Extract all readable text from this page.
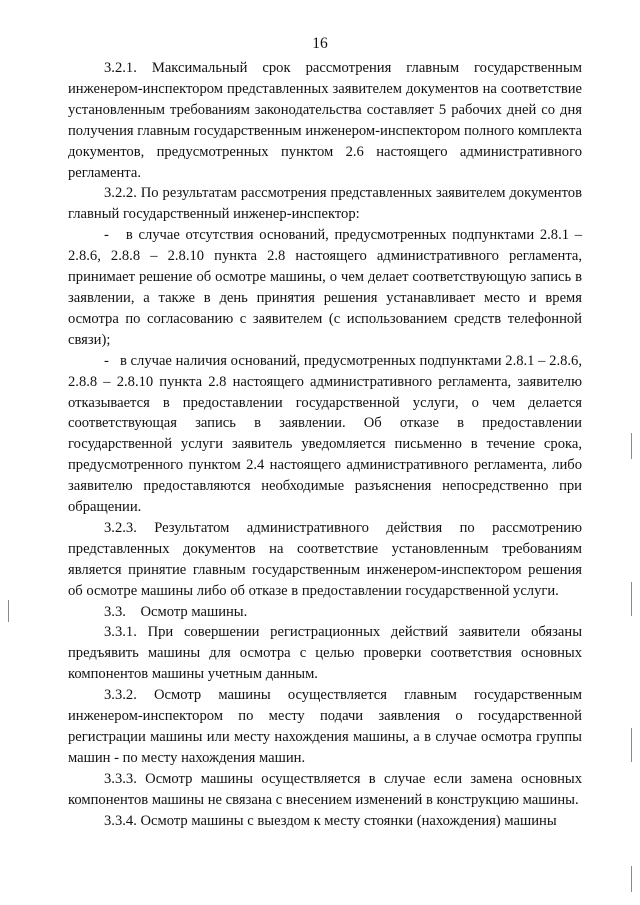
16

3.2.1. Максимальный срок рассмотрения главным государственным инженером-инспектором представленных заявителем документов на соответствие установленным требованиям законодательства составляет 5 рабочих дней со дня получения главным государственным инженером-инспектором полного комплекта документов, предусмотренных пунктом 2.6 настоящего административного регламента.

3.2.2. По результатам рассмотрения представленных заявителем документов главный государственный инженер-инспектор:

-   в случае отсутствия оснований, предусмотренных подпунктами 2.8.1 – 2.8.6, 2.8.8 – 2.8.10 пункта 2.8 настоящего административного регламента, принимает решение об осмотре машины, о чем делает соответствующую запись в заявлении, а также в день принятия решения устанавливает место и время осмотра по согласованию с заявителем (с использованием средств телефонной связи);

-   в случае наличия оснований, предусмотренных подпунктами 2.8.1 – 2.8.6, 2.8.8 – 2.8.10 пункта 2.8 настоящего административного регламента, заявителю отказывается в предоставлении государственной услуги, о чем делается соответствующая запись в заявлении. Об отказе в предоставлении государственной услуги заявитель уведомляется письменно в течение срока, предусмотренного пунктом 2.4 настоящего административного регламента, либо заявителю предоставляются необходимые разъяснения непосредственно при обращении.

3.2.3. Результатом административного действия по рассмотрению представленных документов на соответствие установленным требованиям является принятие главным государственным инженером-инспектором решения об осмотре машины либо об отказе в предоставлении государственной услуги.

3.3.    Осмотр машины.

3.3.1. При совершении регистрационных действий заявители обязаны предъявить машины для осмотра с целью проверки соответствия основных компонентов машины учетным данным.

3.3.2. Осмотр машины осуществляется главным государственным инженером-инспектором по месту подачи заявления о государственной регистрации машины или месту нахождения машины, а в случае осмотра группы машин - по месту нахождения машин.

3.3.3. Осмотр машины осуществляется в случае если замена основных компонентов машины не связана с внесением изменений в конструкцию машины.

3.3.4. Осмотр машины с выездом к месту стоянки (нахождения) машины
